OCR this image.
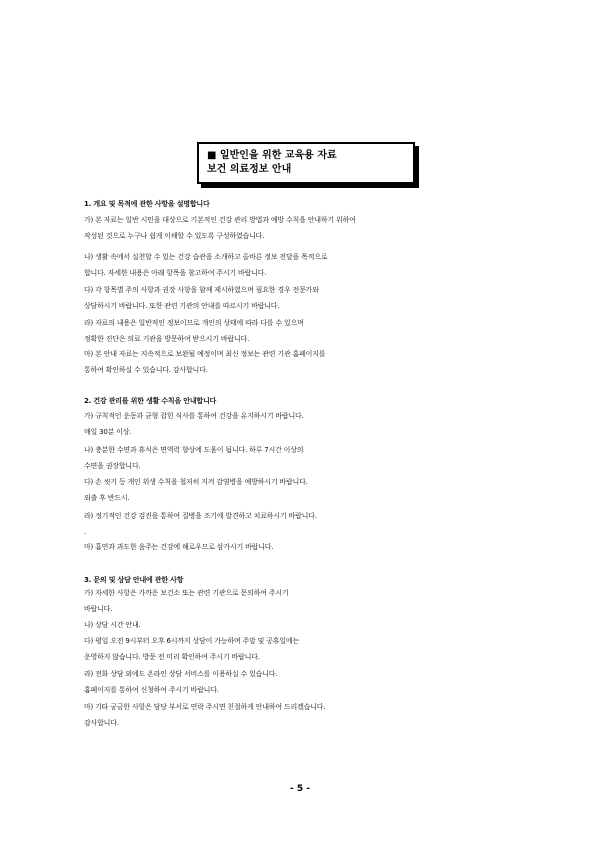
■ 일반인을 위한 교육용 자료
보건 의료정보 안내
1. 개요 및 목적에 관한 사항을 설명합니다
가) 본 자료는 일반 시민을 대상으로 기본적인 건강 관리 방법과 예방 수칙을 안내하기 위하여
작성된 것으로 누구나 쉽게 이해할 수 있도록 구성하였습니다.
나) 생활 속에서 실천할 수 있는 건강 습관을 소개하고 올바른 정보 전달을 목적으로
합니다. 자세한 내용은 아래 항목을 참고하여 주시기 바랍니다.
다) 각 항목별 주의 사항과 권장 사항을 함께 제시하였으며 필요한 경우 전문가와
상담하시기 바랍니다. 또한 관련 기관의 안내를 따르시기 바랍니다.
라) 자료의 내용은 일반적인 정보이므로 개인의 상태에 따라 다를 수 있으며
정확한 진단은 의료 기관을 방문하여 받으시기 바랍니다.
마) 본 안내 자료는 지속적으로 보완될 예정이며 최신 정보는 관련 기관 홈페이지를
통하여 확인하실 수 있습니다. 감사합니다.
2. 건강 관리를 위한 생활 수칙을 안내합니다
가) 규칙적인 운동과 균형 잡힌 식사를 통하여 건강을 유지하시기 바랍니다.
매일 30분 이상.
나) 충분한 수면과 휴식은 면역력 향상에 도움이 됩니다. 하루 7시간 이상의
수면을 권장합니다.
다) 손 씻기 등 개인 위생 수칙을 철저히 지켜 감염병을 예방하시기 바랍니다.
외출 후 반드시.
라) 정기적인 건강 검진을 통하여 질병을 조기에 발견하고 치료하시기 바랍니다.
.
마) 흡연과 과도한 음주는 건강에 해로우므로 삼가시기 바랍니다.
3. 문의 및 상담 안내에 관한 사항
가) 자세한 사항은 가까운 보건소 또는 관련 기관으로 문의하여 주시기
바랍니다.
나) 상담 시간 안내.
다) 평일 오전 9시부터 오후 6시까지 상담이 가능하며 주말 및 공휴일에는
운영하지 않습니다. 방문 전 미리 확인하여 주시기 바랍니다.
라) 전화 상담 외에도 온라인 상담 서비스를 이용하실 수 있습니다.
홈페이지를 통하여 신청하여 주시기 바랍니다.
마) 기타 궁금한 사항은 담당 부서로 연락 주시면 친절하게 안내하여 드리겠습니다.
감사합니다.
- 5 -
